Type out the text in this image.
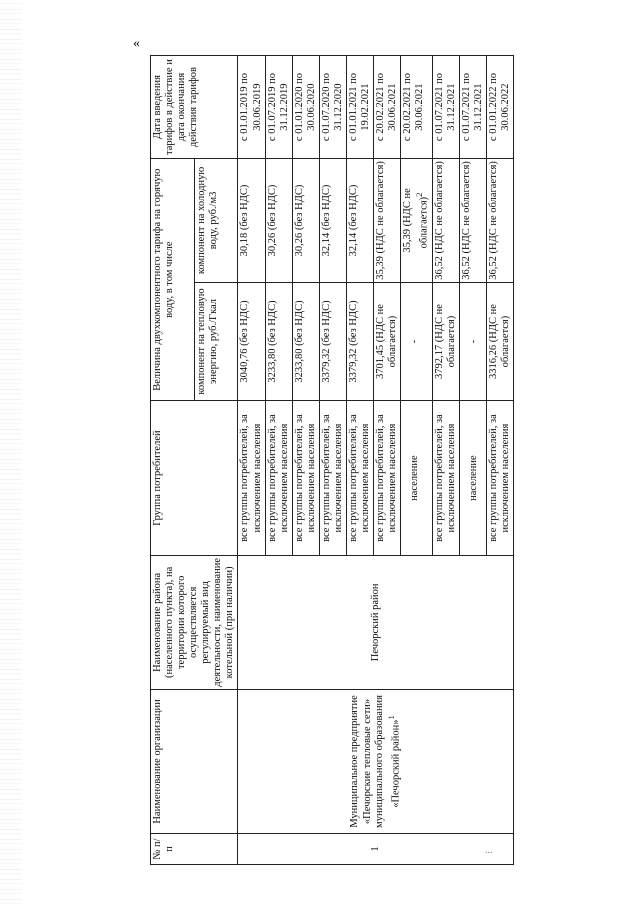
«
...
№ п/п	Наименование организации	Наименование района (населенного пункта), на территории которого осуществляется регулируемый вид деятельности, наименование котельной (при наличии)	Группа потребителей	Величина двухкомпонентного тарифа на горячую воду, в том числе		Дата введения тарифов в действие и дата окончания действия тарифов
				компонент на тепловую энергию, руб./Гкал	компонент на холодную воду, руб./м3	
1	Муниципальное предприятие «Печорские тепловые сети» муниципального образования «Печорский район»$^1$	Печорский район	все группы потребителей, за исключением населения	3040,76 (без НДС)	30,18 (без НДС)	с 01.01.2019 по 30.06.2019
			все группы потребителей, за исключением населения	3233,80 (без НДС)	30,26 (без НДС)	с 01.07.2019 по 31.12.2019
			все группы потребителей, за исключением населения	3233,80 (без НДС)	30,26 (без НДС)	с 01.01.2020 по 30.06.2020
			все группы потребителей, за исключением населения	3379,32 (без НДС)	32,14 (без НДС)	с 01.07.2020 по 31.12.2020
			все группы потребителей, за исключением населения	3379,32 (без НДС)	32,14 (без НДС)	с 01.01.2021 по 19.02.2021
			все группы потребителей, за исключением населения	3701,45 (НДС не облагается)	35,39 (НДС не облагается)	с 20.02.2021 по 30.06.2021
			население	-	35,39 (НДС не облагается)$^2$	с 20.02.2021 по 30.06.2021
			все группы потребителей, за исключением населения	3792,17 (НДС не облагается)	36,52 (НДС не облагается)	с 01.07.2021 по 31.12.2021
			население	-	36,52 (НДС не облагается)	с 01.07.2021 по 31.12.2021
			все группы потребителей, за исключением населения	3316,26 (НДС не облагается)	36,52 (НДС не облагается)	с 01.01.2022 по 30.06.2022
